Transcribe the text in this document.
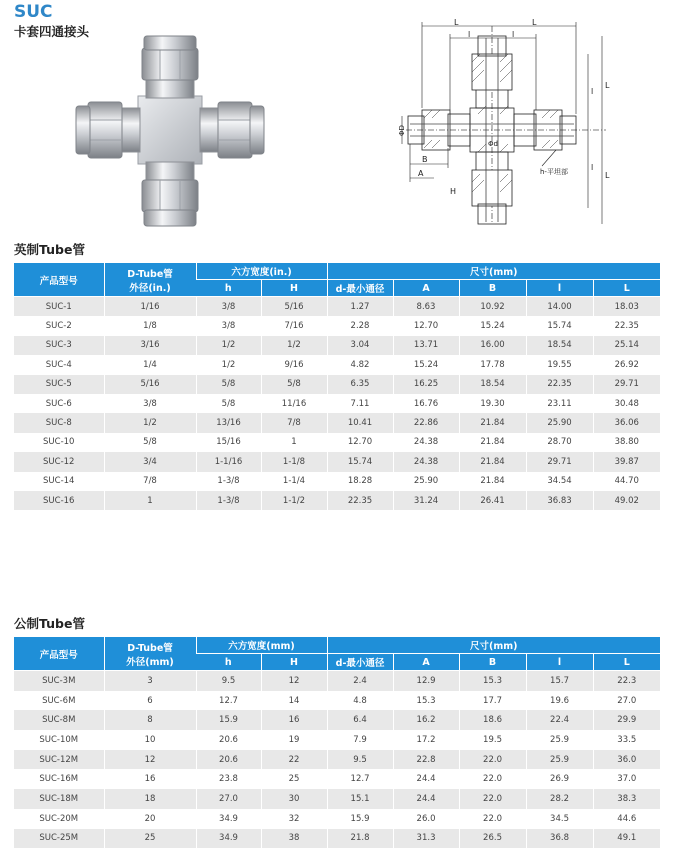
SUC
卡套四通接头
L	L
l	l
l
L
l
L
ΦD
Φd
B
A
H
h-平坦部
英制Tube管
产品型号	D-Tube管
外径(in.)	六方宽度(in.)		尺寸(mm)				
		h	H	d-最小通径	A	B	l	L
SUC-1	1/16	3/8	5/16	1.27	8.63	10.92	14.00	18.03
SUC-2	1/8	3/8	7/16	2.28	12.70	15.24	15.74	22.35
SUC-3	3/16	1/2	1/2	3.04	13.71	16.00	18.54	25.14
SUC-4	1/4	1/2	9/16	4.82	15.24	17.78	19.55	26.92
SUC-5	5/16	5/8	5/8	6.35	16.25	18.54	22.35	29.71
SUC-6	3/8	5/8	11/16	7.11	16.76	19.30	23.11	30.48
SUC-8	1/2	13/16	7/8	10.41	22.86	21.84	25.90	36.06
SUC-10	5/8	15/16	1	12.70	24.38	21.84	28.70	38.80
SUC-12	3/4	1-1/16	1-1/8	15.74	24.38	21.84	29.71	39.87
SUC-14	7/8	1-3/8	1-1/4	18.28	25.90	21.84	34.54	44.70
SUC-16	1	1-3/8	1-1/2	22.35	31.24	26.41	36.83	49.02
公制Tube管
产品型号	D-Tube管
外径(mm)	六方宽度(mm)		尺寸(mm)				
		h	H	d-最小通径	A	B	l	L
SUC-3M	3	9.5	12	2.4	12.9	15.3	15.7	22.3
SUC-6M	6	12.7	14	4.8	15.3	17.7	19.6	27.0
SUC-8M	8	15.9	16	6.4	16.2	18.6	22.4	29.9
SUC-10M	10	20.6	19	7.9	17.2	19.5	25.9	33.5
SUC-12M	12	20.6	22	9.5	22.8	22.0	25.9	36.0
SUC-16M	16	23.8	25	12.7	24.4	22.0	26.9	37.0
SUC-18M	18	27.0	30	15.1	24.4	22.0	28.2	38.3
SUC-20M	20	34.9	32	15.9	26.0	22.0	34.5	44.6
SUC-25M	25	34.9	38	21.8	31.3	26.5	36.8	49.1
